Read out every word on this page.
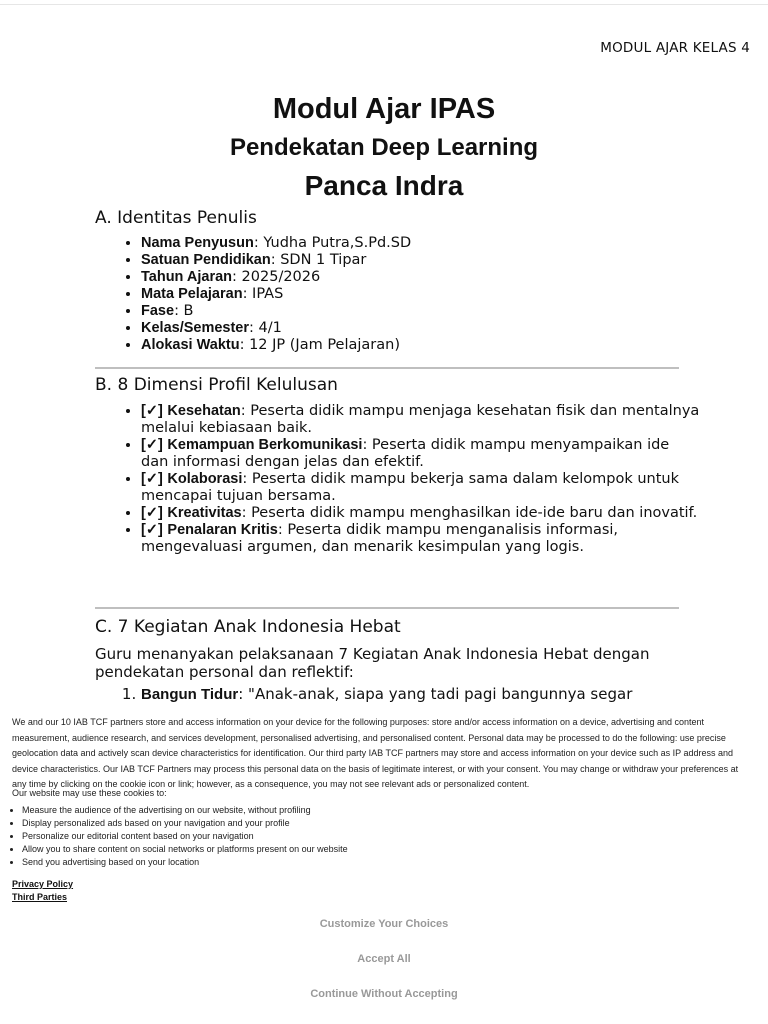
MODUL AJAR KELAS 4
Modul Ajar IPAS
Pendekatan Deep Learning
Panca Indra
A. Identitas Penulis
• Nama Penyusun: Yudha Putra,S.Pd.SD
• Satuan Pendidikan: SDN 1 Tipar
• Tahun Ajaran: 2025/2026
• Mata Pelajaran: IPAS
• Fase: B
• Kelas/Semester: 4/1
• Alokasi Waktu: 12 JP (Jam Pelajaran)
B. 8 Dimensi Profil Kelulusan
• [✓] Kesehatan: Peserta didik mampu menjaga kesehatan fisik dan mentalnya melalui kebiasaan baik.
• [✓] Kemampuan Berkomunikasi: Peserta didik mampu menyampaikan ide dan informasi dengan jelas dan efektif.
• [✓] Kolaborasi: Peserta didik mampu bekerja sama dalam kelompok untuk mencapai tujuan bersama.
• [✓] Kreativitas: Peserta didik mampu menghasilkan ide-ide baru dan inovatif.
• [✓] Penalaran Kritis: Peserta didik mampu menganalisis informasi, mengevaluasi argumen, dan menarik kesimpulan yang logis.
C. 7 Kegiatan Anak Indonesia Hebat
Guru menanyakan pelaksanaan 7 Kegiatan Anak Indonesia Hebat dengan pendekatan personal dan reflektif:
1. Bangun Tidur: "Anak-anak, siapa yang tadi pagi bangunnya segar
We and our 10 IAB TCF partners store and access information on your device for the following purposes: store and/or access information on a device, advertising and content measurement, audience research, and services development, personalised advertising, and personalised content. Personal data may be processed to do the following: use precise geolocation data and actively scan device characteristics for identification. Our third party IAB TCF partners may store and access information on your device such as IP address and device characteristics. Our IAB TCF Partners may process this personal data on the basis of legitimate interest, or with your consent. You may change or withdraw your preferences at any time by clicking on the cookie icon or link; however, as a consequence, you may not see relevant ads or personalized content.
Our website may use these cookies to:
• Measure the audience of the advertising on our website, without profiling
• Display personalized ads based on your navigation and your profile
• Personalize our editorial content based on your navigation
• Allow you to share content on social networks or platforms present on our website
• Send you advertising based on your location
Privacy Policy
Third Parties
Customize Your Choices
Accept All
Continue Without Accepting
